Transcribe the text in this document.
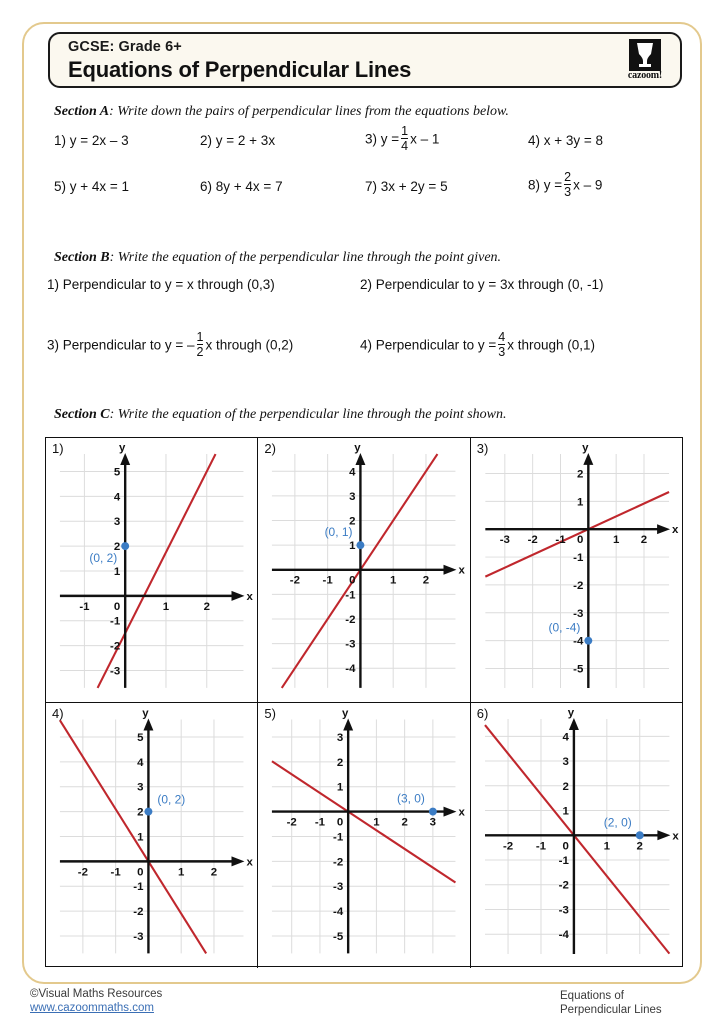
GCSE: Grade 6+
Equations of Perpendicular Lines	cazoom!
Section A: Write down the pairs of perpendicular lines from the equations below.
1) y = 2x – 3	2) y = 2 + 3x	3) $y = \frac{1}{4}$ x – 1	4) x + 3y = 8
5) y + 4x = 1	6) 8y + 4x = 7	7) 3x + 2y = 5	8) $y = \frac{2}{3}$ x – 9
Section B: Write the equation of the perpendicular line through the point given.
1) Perpendicular to y = x through (0,3)	2) Perpendicular to y = 3x through (0, -1)
3) Perpendicular to y = – $\frac{1}{2}$ x through (0,2)	4) Perpendicular to $y = \frac{4}{3}$ x through (0,1)
Section C: Write the equation of the perpendicular line through the point shown.
1)
x
y
-1	1	2
-3
-2
-1
1
2
3
4
5
0
(0, 2)
2)
x
y
-2 -1	1 2
-4
-3
-2
-1
1
2
3
4
0
(0, 1)
3)
x
y
-3 -2 -1	1 2
-5
-4
-3
-2
-1
1
2
0
(0, -4)
4)
x
y
-2 -1	1 2
-3
-2
-1
1
2
3
4
5
0
(0, 2)
5)
x
y
-2 -1	1 2 3
-5
-4
-3
-2
-1
1
2
3
0
(3, 0)
6)
x
y
-2 -1	1 2
-4
-3
-2
-1
1
2
3
4
0
(2, 0)
©Visual Maths Resources
www.cazoommaths.com
Equations of
Perpendicular Lines
